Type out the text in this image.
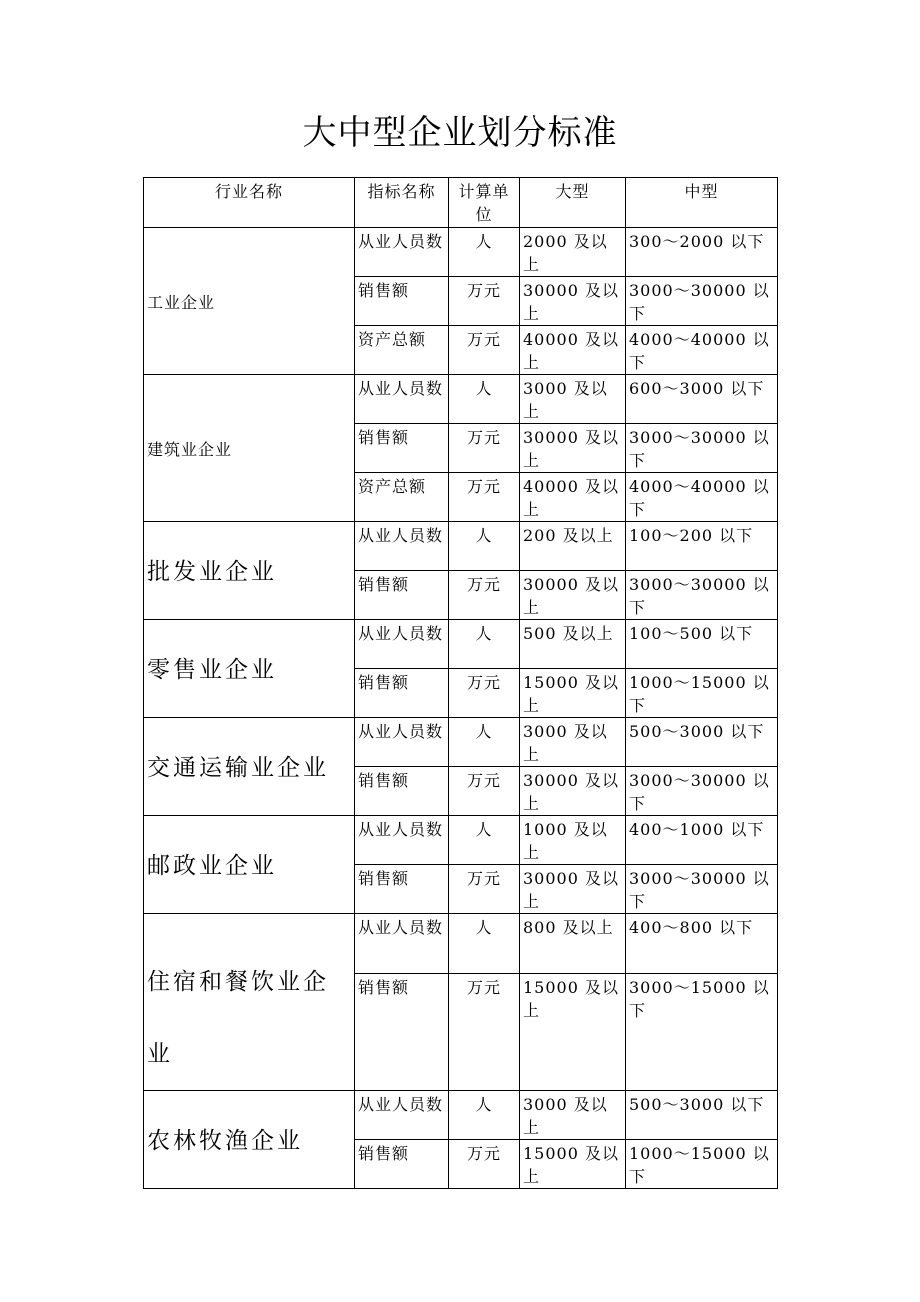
大中型企业划分标准
行业名称	指标名称	计算单位	大型	中型
工业企业	从业人员数	人	2000 及以上	300～2000 以下
	销售额	万元	30000 及以上	3000～30000 以下
	资产总额	万元	40000 及以上	4000～40000 以下
建筑业企业	从业人员数	人	3000 及以上	600～3000 以下
	销售额	万元	30000 及以上	3000～30000 以下
	资产总额	万元	40000 及以上	4000～40000 以下
批发业企业	从业人员数	人	200 及以上	100～200 以下
	销售额	万元	30000 及以上	3000～30000 以下
零售业企业	从业人员数	人	500 及以上	100～500 以下
	销售额	万元	15000 及以上	1000～15000 以下
交通运输业企业	从业人员数	人	3000 及以上	500～3000 以下
	销售额	万元	30000 及以上	3000～30000 以下
邮政业企业	从业人员数	人	1000 及以上	400～1000 以下
	销售额	万元	30000 及以上	3000～30000 以下
住宿和餐饮业企业	从业人员数	人	800 及以上	400～800 以下
	销售额	万元	15000 及以上	3000～15000 以下
农林牧渔企业	从业人员数	人	3000 及以上	500～3000 以下
	销售额	万元	15000 及以上	1000～15000 以下
